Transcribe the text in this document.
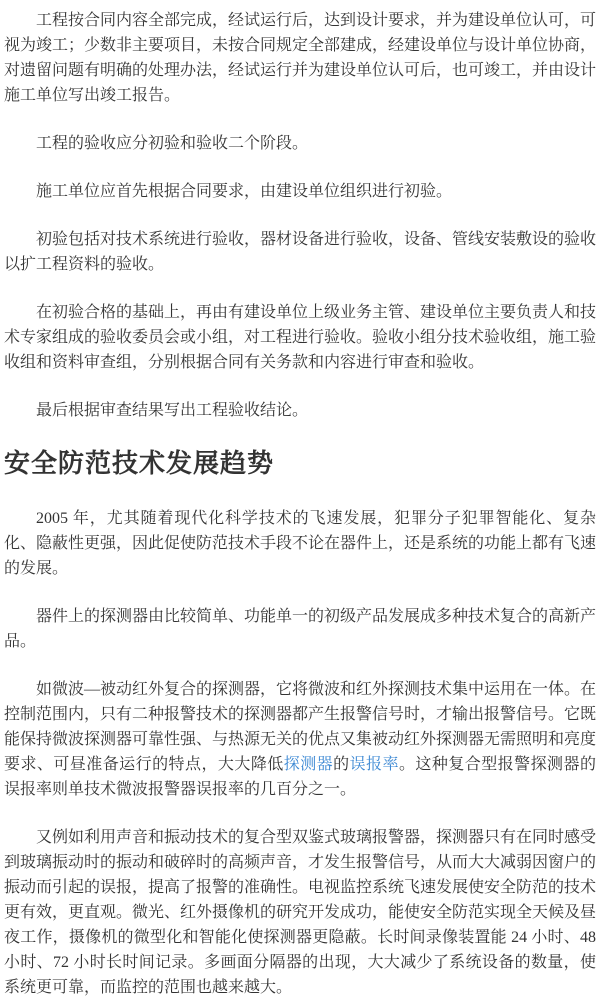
工程按合同内容全部完成，经试运行后，达到设计要求，并为建设单位认可，可视为竣工；少数非主要项目，未按合同规定全部建成，经建设单位与设计单位协商，对遗留问题有明确的处理办法，经试运行并为建设单位认可后，也可竣工，并由设计施工单位写出竣工报告。

工程的验收应分初验和验收二个阶段。

施工单位应首先根据合同要求，由建设单位组织进行初验。

初验包括对技术系统进行验收，器材设备进行验收，设备、管线安装敷设的验收以扩工程资料的验收。

在初验合格的基础上，再由有建设单位上级业务主管、建设单位主要负责人和技术专家组成的验收委员会或小组，对工程进行验收。验收小组分技术验收组，施工验收组和资料审查组，分别根据合同有关务款和内容进行审查和验收。

最后根据审查结果写出工程验收结论。

安全防范技术发展趋势

2005 年，尤其随着现代化科学技术的飞速发展，犯罪分子犯罪智能化、复杂化、隐蔽性更强，因此促使防范技术手段不论在器件上，还是系统的功能上都有飞速的发展。

器件上的探测器由比较简单、功能单一的初级产品发展成多种技术复合的高新产品。

如微波—被动红外复合的探测器，它将微波和红外探测技术集中运用在一体。在控制范围内，只有二种报警技术的探测器都产生报警信号时，才输出报警信号。它既能保持微波探测器可靠性强、与热源无关的优点又集被动红外探测器无需照明和亮度要求、可昼准备运行的特点，大大降低探测器的误报率。这种复合型报警探测器的误报率则单技术微波报警器误报率的几百分之一。

又例如利用声音和振动技术的复合型双鉴式玻璃报警器，探测器只有在同时感受到玻璃振动时的振动和破碎时的高频声音，才发生报警信号，从而大大减弱因窗户的振动而引起的误报，提高了报警的准确性。电视监控系统飞速发展使安全防范的技术更有效，更直观。微光、红外摄像机的研究开发成功，能使安全防范实现全天候及昼夜工作，摄像机的微型化和智能化使探测器更隐蔽。长时间录像装置能 24 小时、48 小时、72 小时长时间记录。多画面分隔器的出现，大大减少了系统设备的数量，使系统更可靠，而监控的范围也越来越大。
